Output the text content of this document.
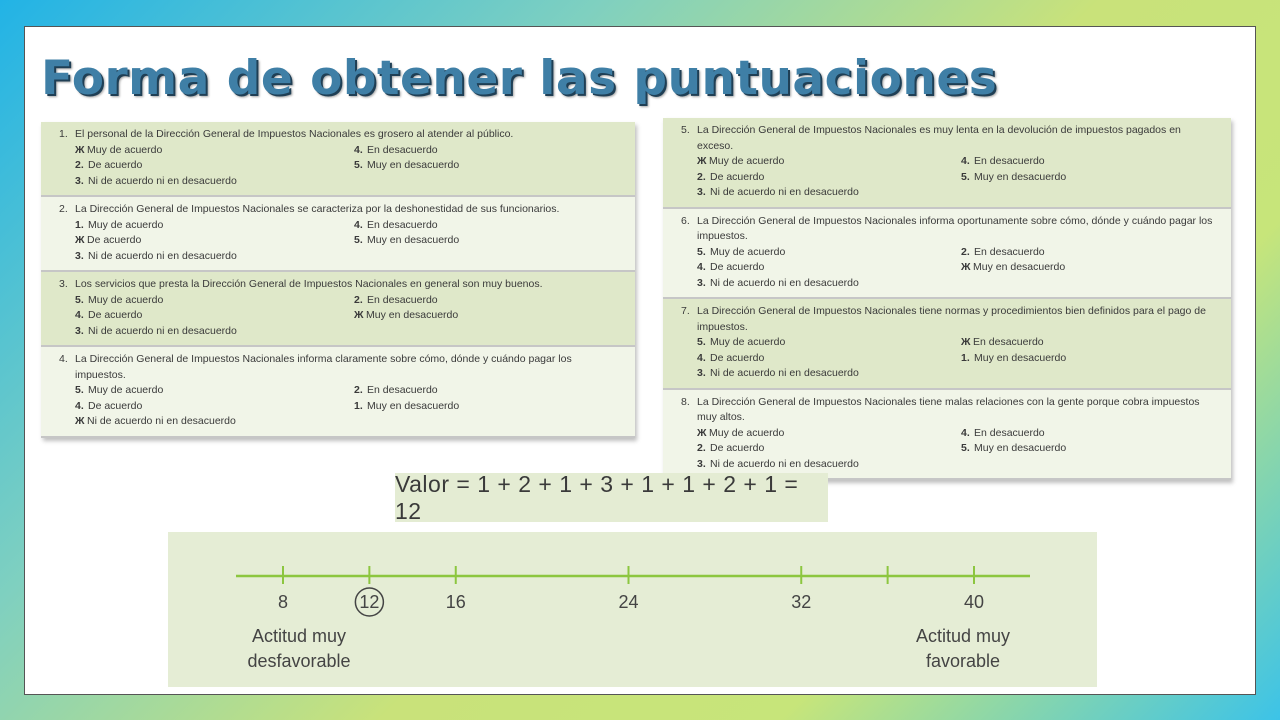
Forma de obtener las puntuaciones
1. El personal de la Dirección General de Impuestos Nacionales es grosero al atender al público.
Ж Muy de acuerdo	4. En desacuerdo
2. De acuerdo	5. Muy en desacuerdo
3. Ni de acuerdo ni en desacuerdo
2. La Dirección General de Impuestos Nacionales se caracteriza por la deshonestidad de sus funcionarios.
1. Muy de acuerdo	4. En desacuerdo
Ж De acuerdo	5. Muy en desacuerdo
3. Ni de acuerdo ni en desacuerdo
3. Los servicios que presta la Dirección General de Impuestos Nacionales en general son muy buenos.
5. Muy de acuerdo	2. En desacuerdo
4. De acuerdo	Ж Muy en desacuerdo
3. Ni de acuerdo ni en desacuerdo
4. La Dirección General de Impuestos Nacionales informa claramente sobre cómo, dónde y cuándo pagar los impuestos.
5. Muy de acuerdo	2. En desacuerdo
4. De acuerdo	1. Muy en desacuerdo
Ж Ni de acuerdo ni en desacuerdo
5. La Dirección General de Impuestos Nacionales es muy lenta en la devolución de impuestos pagados en exceso.
Ж Muy de acuerdo	4. En desacuerdo
2. De acuerdo	5. Muy en desacuerdo
3. Ni de acuerdo ni en desacuerdo
6. La Dirección General de Impuestos Nacionales informa oportunamente sobre cómo, dónde y cuándo pagar los impuestos.
5. Muy de acuerdo	2. En desacuerdo
4. De acuerdo	Ж Muy en desacuerdo
3. Ni de acuerdo ni en desacuerdo
7. La Dirección General de Impuestos Nacionales tiene normas y procedimientos bien definidos para el pago de impuestos.
5. Muy de acuerdo	Ж En desacuerdo
4. De acuerdo	1. Muy en desacuerdo
3. Ni de acuerdo ni en desacuerdo
8. La Dirección General de Impuestos Nacionales tiene malas relaciones con la gente porque cobra impuestos muy altos.
Ж Muy de acuerdo	4. En desacuerdo
2. De acuerdo	5. Muy en desacuerdo
3. Ni de acuerdo ni en desacuerdo
Valor = 1 + 2 + 1 + 3 + 1 + 1 + 2 + 1 = 12
8	12	16	24	32	40
Actitud muy
desfavorable
Actitud muy
favorable
